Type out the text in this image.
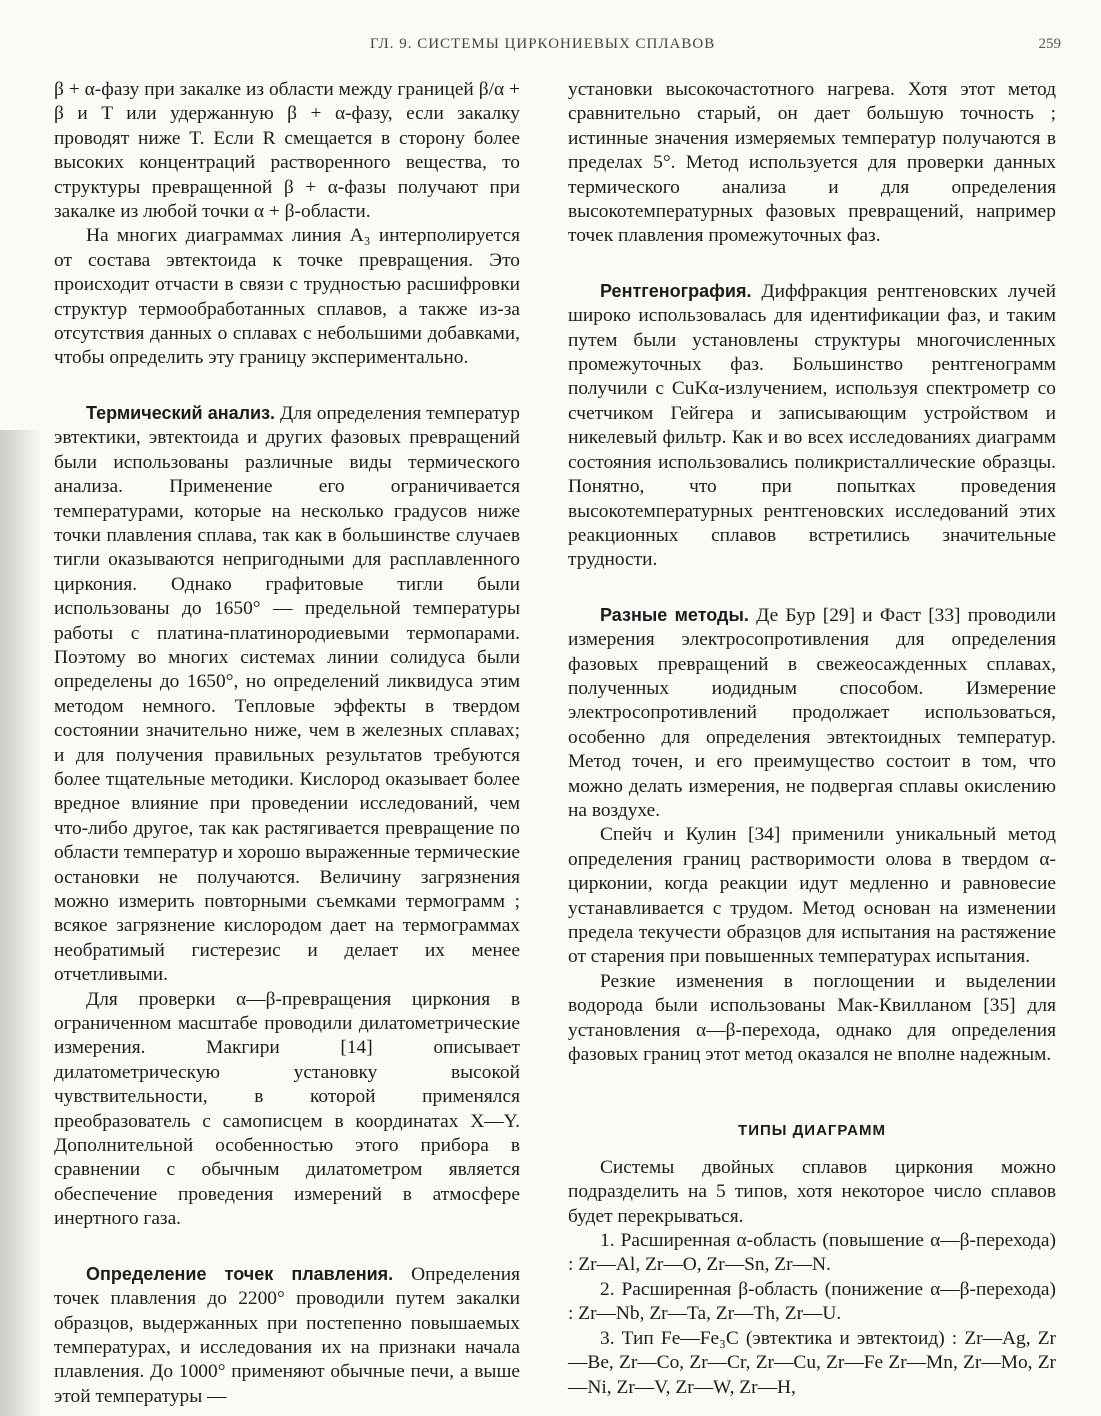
ГЛ. 9. СИСТЕМЫ ЦИРКОНИЕВЫХ СПЛАВОВ	259

β + α-фазу при закалке из области между границей β/α + β и T или удержанную β + α-фазу, если закалку проводят ниже T. Если R смещается в сторону более высоких концентраций растворенного вещества, то структуры превращенной β + α-фазы получают при закалке из любой точки α + β-области.

На многих диаграммах линия A₃ интерполируется от состава эвтектоида к точке превращения. Это происходит отчасти в связи с трудностью расшифровки структур термообработанных сплавов, а также из-за отсутствия данных о сплавах с небольшими добавками, чтобы определить эту границу экспериментально.

Термический анализ. Для определения температур эвтектики, эвтектоида и других фазовых превращений были использованы различные виды термического анализа. Применение его ограничивается температурами, которые на несколько градусов ниже точки плавления сплава, так как в большинстве случаев тигли оказываются непригодными для расплавленного циркония. Однако графитовые тигли были использованы до 1650° — предельной температуры работы с платина-платинородиевыми термопарами. Поэтому во многих системах линии солидуса были определены до 1650°, но определений ликвидуса этим методом немного. Тепловые эффекты в твердом состоянии значительно ниже, чем в железных сплавах; и для получения правильных результатов требуются более тщательные методики. Кислород оказывает более вредное влияние при проведении исследований, чем что-либо другое, так как растягивается превращение по области температур и хорошо выраженные термические остановки не получаются. Величину загрязнения можно измерить повторными съемками термограмм ; всякое загрязнение кислородом дает на термограммах необратимый гистерезис и делает их менее отчетливыми.

Для проверки α—β-превращения циркония в ограниченном масштабе проводили дилатометрические измерения. Макгири [14] описывает дилатометрическую установку высокой чувствительности, в которой применялся преобразователь с самописцем в координатах X—Y. Дополнительной особенностью этого прибора в сравнении с обычным дилатометром является обеспечение проведения измерений в атмосфере инертного газа.

Определение точек плавления. Определения точек плавления до 2200° проводили путем закалки образцов, выдержанных при постепенно повышаемых температурах, и исследования их на признаки начала плавления. До 1000° применяют обычные печи, а выше этой температуры —

установки высокочастотного нагрева. Хотя этот метод сравнительно старый, он дает большую точность ; истинные значения измеряемых температур получаются в пределах 5°. Метод используется для проверки данных термического анализа и для определения высокотемпературных фазовых превращений, например точек плавления промежуточных фаз.

Рентгенография. Диффракция рентгеновских лучей широко использовалась для идентификации фаз, и таким путем были установлены структуры многочисленных промежуточных фаз. Большинство рентгенограмм получили с CuKα-излучением, используя спектрометр со счетчиком Гейгера и записывающим устройством и никелевый фильтр. Как и во всех исследованиях диаграмм состояния использовались поликристаллические образцы. Понятно, что при попытках проведения высокотемпературных рентгеновских исследований этих реакционных сплавов встретились значительные трудности.

Разные методы. Де Бур [29] и Фаст [33] проводили измерения электросопротивления для определения фазовых превращений в свежеосажденных сплавах, полученных иодидным способом. Измерение электросопротивлений продолжает использоваться, особенно для определения эвтектоидных температур. Метод точен, и его преимущество состоит в том, что можно делать измерения, не подвергая сплавы окислению на воздухе.

Спейч и Кулин [34] применили уникальный метод определения границ растворимости олова в твердом α-цирконии, когда реакции идут медленно и равновесие устанавливается с трудом. Метод основан на изменении предела текучести образцов для испытания на растяжение от старения при повышенных температурах испытания.

Резкие изменения в поглощении и выделении водорода были использованы Мак-Квилланом [35] для установления α—β-перехода, однако для определения фазовых границ этот метод оказался не вполне надежным.

ТИПЫ ДИАГРАММ

Системы двойных сплавов циркония можно подразделить на 5 типов, хотя некоторое число сплавов будет перекрываться.

1. Расширенная α-область (повышение α—β-перехода) : Zr—Al, Zr—O, Zr—Sn, Zr—N.

2. Расширенная β-область (понижение α—β-перехода) : Zr—Nb, Zr—Ta, Zr—Th, Zr—U.

3. Тип Fe—Fe₃C (эвтектика и эвтектоид) : Zr—Ag, Zr—Be, Zr—Co, Zr—Cr, Zr—Cu, Zr—Fe Zr—Mn, Zr—Mo, Zr—Ni, Zr—V, Zr—W, Zr—H,
